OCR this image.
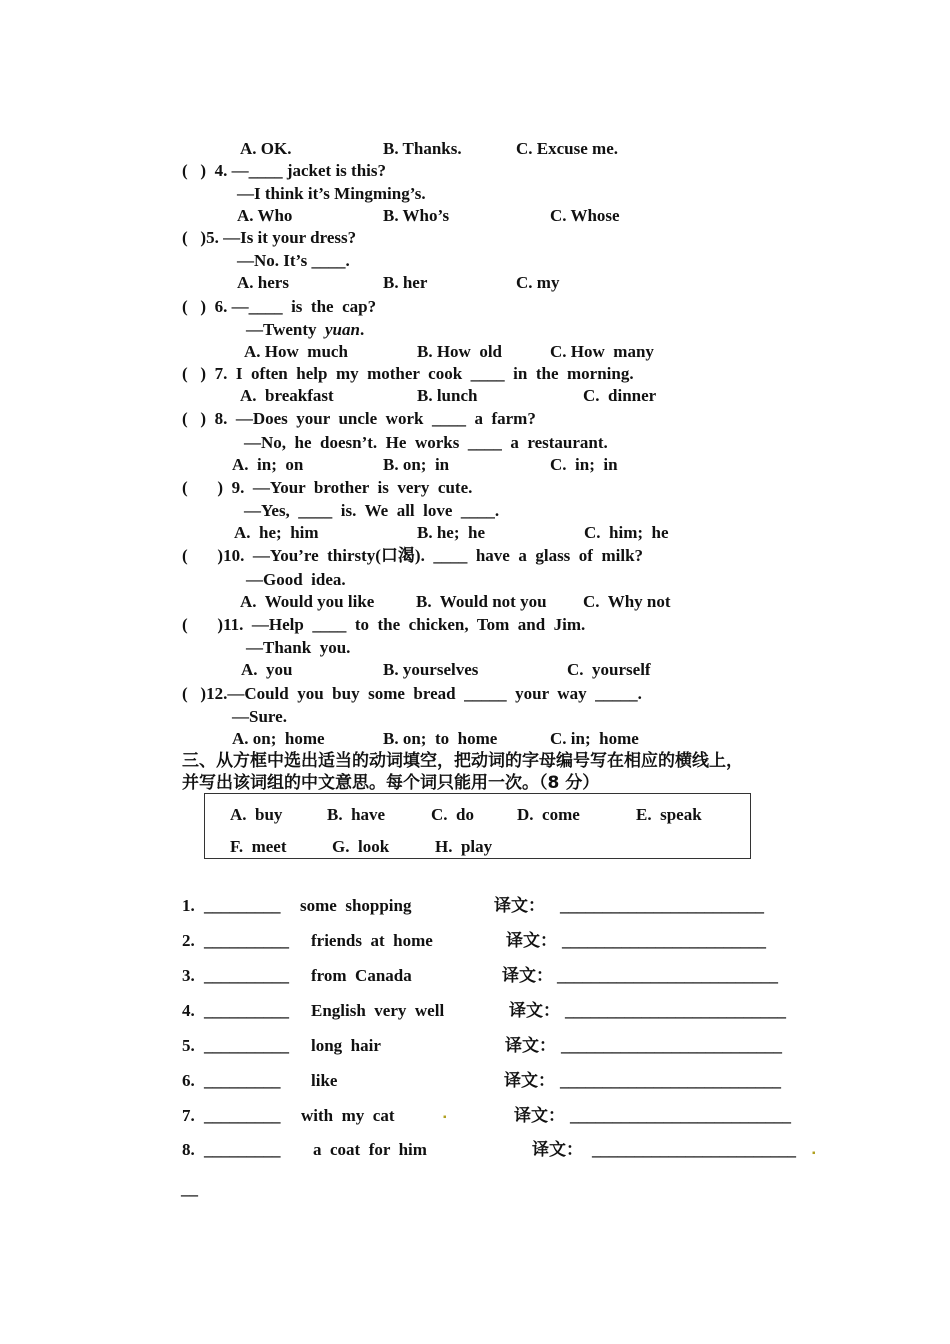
A. OK.	B. Thanks.	C. Excuse me.
(   )  4. ―____ jacket is this?
―I think it’s Mingming’s.
A. Who	B. Who’s	C. Whose
(   )5. ―Is it your dress?
―No. It’s ____.
A. hers	B. her	C. my
(   )  6. ―____  is  the  cap?
―Twenty  yuan.
A. How  much	B. How  old	C. How  many
(   )  7.  I  often  help  my  mother  cook  ____  in  the  morning.
A.  breakfast	B. lunch	C.  dinner
(   )  8.  ―Does  your  uncle  work  ____  a  farm?
―No,  he  doesn’t.  He  works  ____  a  restaurant.
A.  in;  on	B. on;  in	C.  in;  in
(       )  9.  ―Your  brother  is  very  cute.
―Yes,  ____  is.  We  all  love  ____.
A.  he;  him	B. he;  he	C.  him;  he
(       )10.  ―You’re  thirsty(口渴).  ____  have  a  glass  of  milk?
―Good  idea.
A.  Would you like B.  Would not you C.  Why not
(       )11.  ―Help  ____  to  the  chicken,  Tom  and  Jim.
―Thank  you.
A.  you	B. yourselves	C.  yourself
(   )12.―Could  you  buy  some  bread  _____  your  way  _____.
―Sure.
A. on;  home	B. on;  to  home	C. in;  home
三、从方框中选出适当的动词填空，把动词的字母编号写在相应的横线上，
并写出该词组的中文意思。每个词只能用一次。（8 分）
A.  buy	B.  have	C.  do	D.  come	E.  speak
F.  meet	G.  look	H.  play
1. _________ some  shopping	译文： ________________________
2. __________ friends  at  home	译文： ________________________
3. __________ from  Canada	译文： __________________________
4. __________ English  very  well	译文： __________________________
5. __________ long  hair	译文： __________________________
6. _________ like	译文： __________________________
7. _________ with  my  cat	▪	译文： __________________________
8. _________ a  coat  for  him	译文： ________________________ ▪
__
